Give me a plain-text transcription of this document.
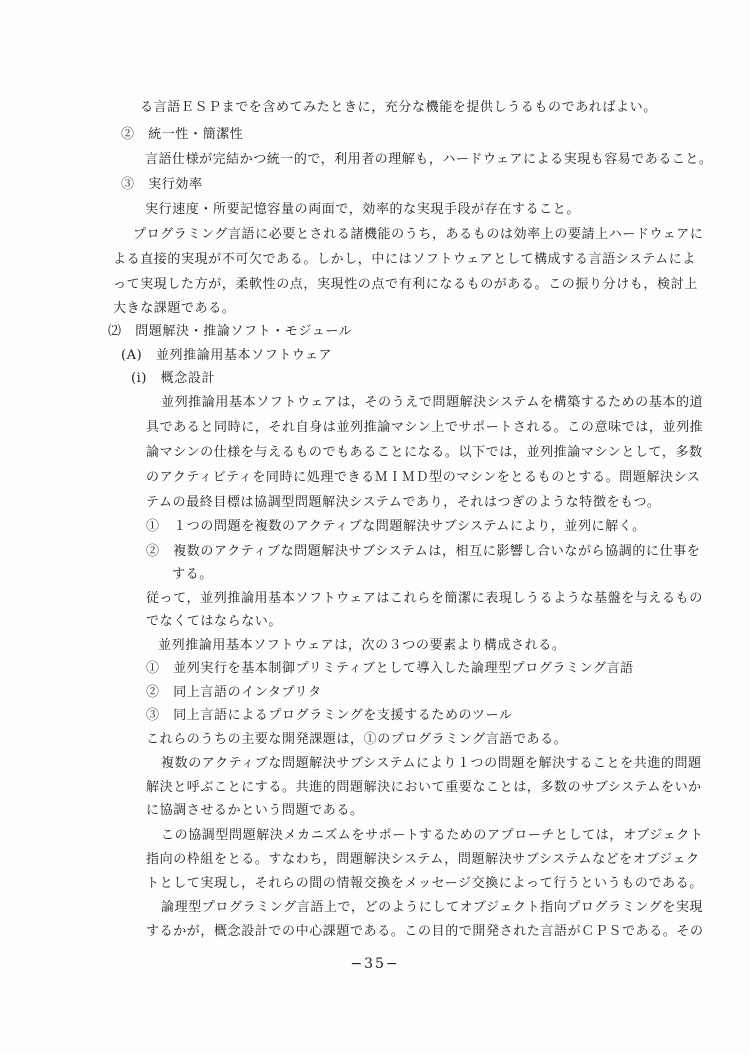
る言語ＥＳＰまでを含めてみたときに，充分な機能を提供しうるものであればよい。
②　統一性・簡潔性
言語仕様が完結かつ統一的で，利用者の理解も，ハードウェアによる実現も容易であること。
③　実行効率
実行速度・所要記憶容量の両面で，効率的な実現手段が存在すること。
プログラミング言語に必要とされる諸機能のうち，あるものは効率上の要請上ハードウェアに
よる直接的実現が不可欠である。しかし，中にはソフトウェアとして構成する言語システムによ
って実現した方が，柔軟性の点，実現性の点で有利になるものがある。この振り分けも，検討上
大きな課題である。
⑵　問題解決・推論ソフト・モジュール
(A)　並列推論用基本ソフトウェア
(ⅰ)　概念設計
並列推論用基本ソフトウェアは，そのうえで問題解決システムを構築するための基本的道
具であると同時に，それ自身は並列推論マシン上でサポートされる。この意味では，並列推
論マシンの仕様を与えるものでもあることになる。以下では，並列推論マシンとして，多数
のアクティビティを同時に処理できるＭＩＭＤ型のマシンをとるものとする。問題解決シス
テムの最終目標は協調型問題解決システムであり，それはつぎのような特徴をもつ。
①　１つの問題を複数のアクティブな問題解決サブシステムにより，並列に解く。
②　複数のアクティブな問題解決サブシステムは，相互に影響し合いながら協調的に仕事を
する。
従って，並列推論用基本ソフトウェアはこれらを簡潔に表現しうるような基盤を与えるもの
でなくてはならない。
並列推論用基本ソフトウェアは，次の３つの要素より構成される。
①　並列実行を基本制御プリミティブとして導入した論理型プログラミング言語
②　同上言語のインタプリタ
③　同上言語によるプログラミングを支援するためのツール
これらのうちの主要な開発課題は，①のプログラミング言語である。
複数のアクティブな問題解決サブシステムにより１つの問題を解決することを共進的問題
解決と呼ぶことにする。共進的問題解決において重要なことは，多数のサブシステムをいか
に協調させるかという問題である。
この協調型問題解決メカニズムをサポートするためのアプローチとしては，オブジェクト
指向の枠組をとる。すなわち，問題解決システム，問題解決サブシステムなどをオブジェク
トとして実現し，それらの間の情報交換をメッセージ交換によって行うというものである。
論理型プログラミング言語上で，どのようにしてオブジェクト指向プログラミングを実現
するかが，概念設計での中心課題である。この目的で開発された言語がＣＰＳである。その
−35−
